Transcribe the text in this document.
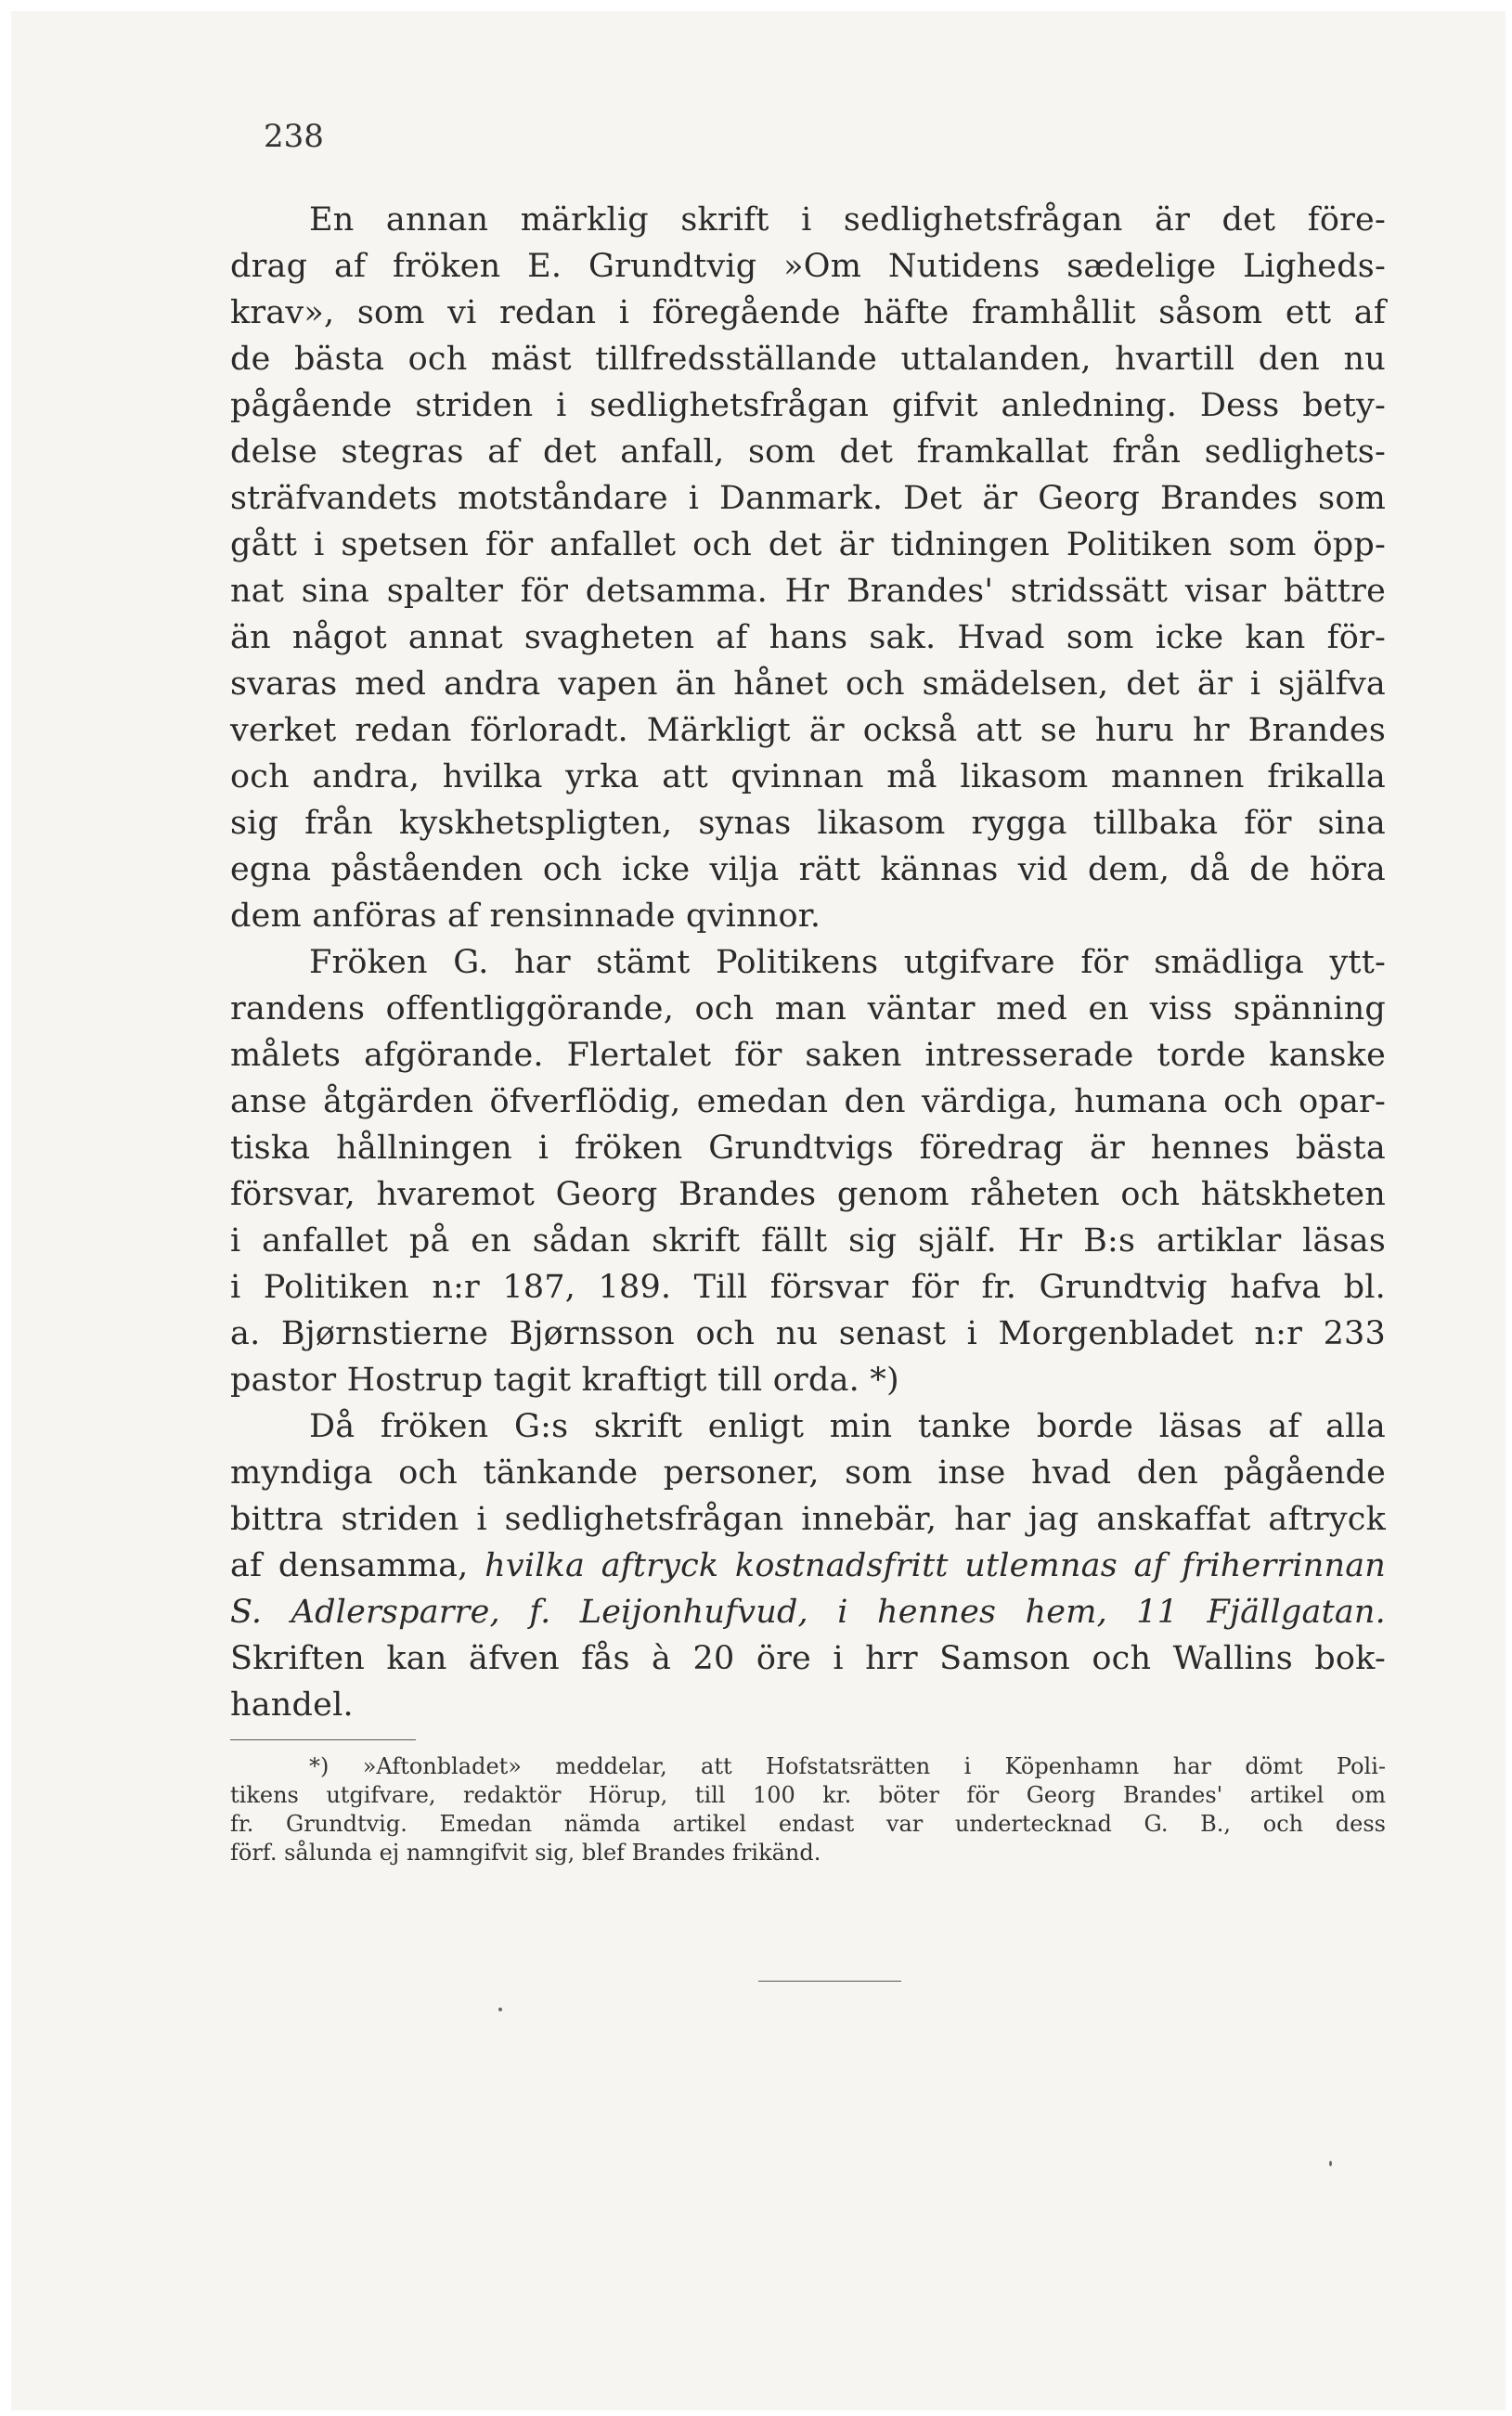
238
En annan märklig skrift i sedlighetsfrågan är det före-
drag af fröken E. Grundtvig »Om Nutidens sædelige Ligheds-
krav», som vi redan i föregående häfte framhållit såsom ett af
de bästa och mäst tillfredsställande uttalanden, hvartill den nu
pågående striden i sedlighetsfrågan gifvit anledning. Dess bety-
delse stegras af det anfall, som det framkallat från sedlighets-
sträfvandets motståndare i Danmark. Det är Georg Brandes som
gått i spetsen för anfallet och det är tidningen Politiken som öpp-
nat sina spalter för detsamma. Hr Brandes' stridssätt visar bättre
än något annat svagheten af hans sak. Hvad som icke kan för-
svaras med andra vapen än hånet och smädelsen, det är i själfva
verket redan förloradt. Märkligt är också att se huru hr Brandes
och andra, hvilka yrka att qvinnan må likasom mannen frikalla
sig från kyskhetspligten, synas likasom rygga tillbaka för sina
egna påståenden och icke vilja rätt kännas vid dem, då de höra
dem anföras af rensinnade qvinnor.
Fröken G. har stämt Politikens utgifvare för smädliga ytt-
randens offentliggörande, och man väntar med en viss spänning
målets afgörande. Flertalet för saken intresserade torde kanske
anse åtgärden öfverflödig, emedan den värdiga, humana och opar-
tiska hållningen i fröken Grundtvigs föredrag är hennes bästa
försvar, hvaremot Georg Brandes genom råheten och hätskheten
i anfallet på en sådan skrift fällt sig själf. Hr B:s artiklar läsas
i Politiken n:r 187, 189. Till försvar för fr. Grundtvig hafva bl.
a. Bjørnstierne Bjørnsson och nu senast i Morgenbladet n:r 233
pastor Hostrup tagit kraftigt till orda. *)
Då fröken G:s skrift enligt min tanke borde läsas af alla
myndiga och tänkande personer, som inse hvad den pågående
bittra striden i sedlighetsfrågan innebär, har jag anskaffat aftryck
af densamma, hvilka aftryck kostnadsfritt utlemnas af friherrinnan
S. Adlersparre, f. Leijonhufvud, i hennes hem, 11 Fjällgatan.
Skriften kan äfven fås à 20 öre i hrr Samson och Wallins bok-
handel.
*) »Aftonbladet» meddelar, att Hofstatsrätten i Köpenhamn har dömt Poli-
tikens utgifvare, redaktör Hörup, till 100 kr. böter för Georg Brandes' artikel om
fr. Grundtvig. Emedan nämda artikel endast var undertecknad G. B., och dess
förf. sålunda ej namngifvit sig, blef Brandes frikänd.
